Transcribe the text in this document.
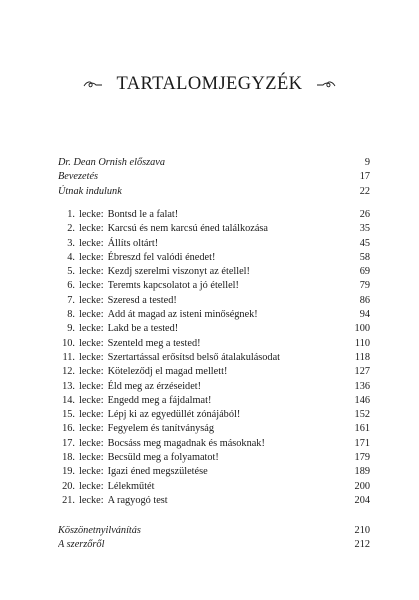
TARTALOMJEGYZÉK
Dr. Dean Ornish előszava	9
Bevezetés	17
Útnak indulunk	22
1. lecke: Bontsd le a falat!	26
2. lecke: Karcsú és nem karcsú éned találkozása	35
3. lecke: Állíts oltárt!	45
4. lecke: Ébreszd fel valódi énedet!	58
5. lecke: Kezdj szerelmi viszonyt az étellel!	69
6. lecke: Teremts kapcsolatot a jó étellel!	79
7. lecke: Szeresd a tested!	86
8. lecke: Add át magad az isteni minőségnek!	94
9. lecke: Lakd be a tested!	100
10. lecke: Szenteld meg a tested!	110
11. lecke: Szertartással erősítsd belső átalakulásodat	118
12. lecke: Köteleződj el magad mellett!	127
13. lecke: Éld meg az érzéseidet!	136
14. lecke: Engedd meg a fájdalmat!	146
15. lecke: Lépj ki az egyedüllét zónájából!	152
16. lecke: Fegyelem és tanítványság	161
17. lecke: Bocsáss meg magadnak és másoknak!	171
18. lecke: Becsüld meg a folyamatot!	179
19. lecke: Igazi éned megszületése	189
20. lecke: Lélekműtét	200
21. lecke: A ragyogó test	204
Köszönetnyilvánítás	210
A szerzőről	212
